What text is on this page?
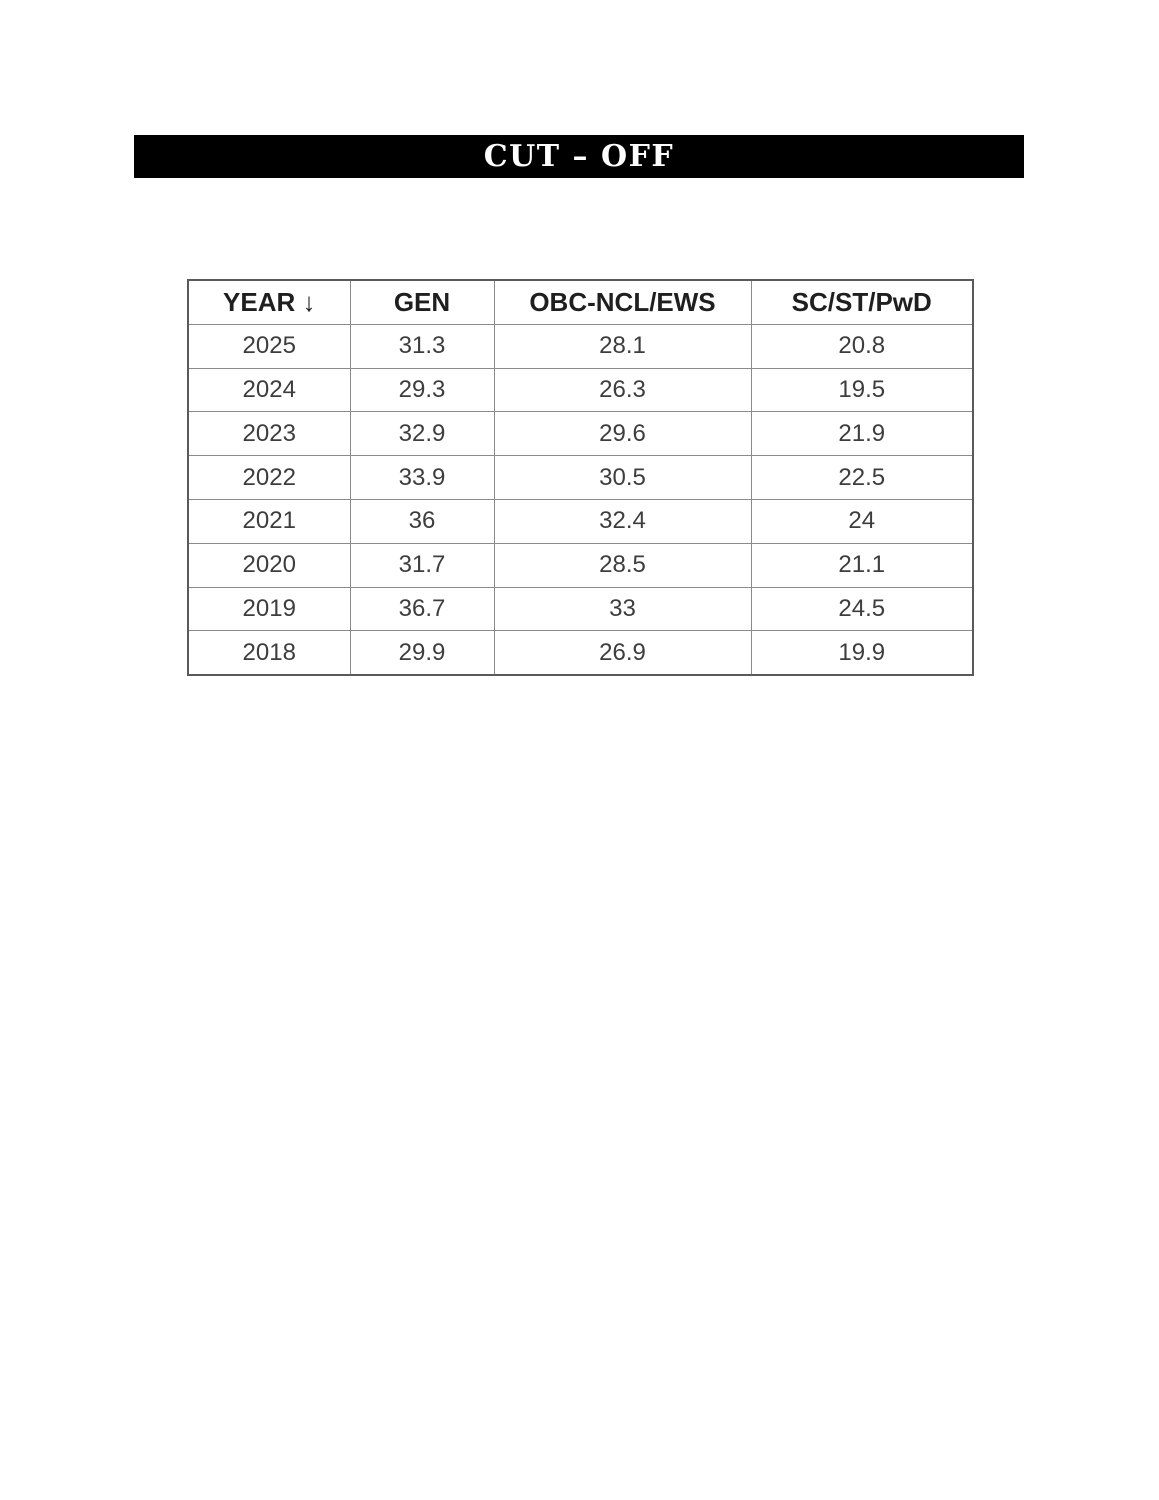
CUT – OFF
YEAR ↓	GEN	OBC-NCL/EWS	SC/ST/PwD
2025	31.3	28.1	20.8
2024	29.3	26.3	19.5
2023	32.9	29.6	21.9
2022	33.9	30.5	22.5
2021	36	32.4	24
2020	31.7	28.5	21.1
2019	36.7	33	24.5
2018	29.9	26.9	19.9
